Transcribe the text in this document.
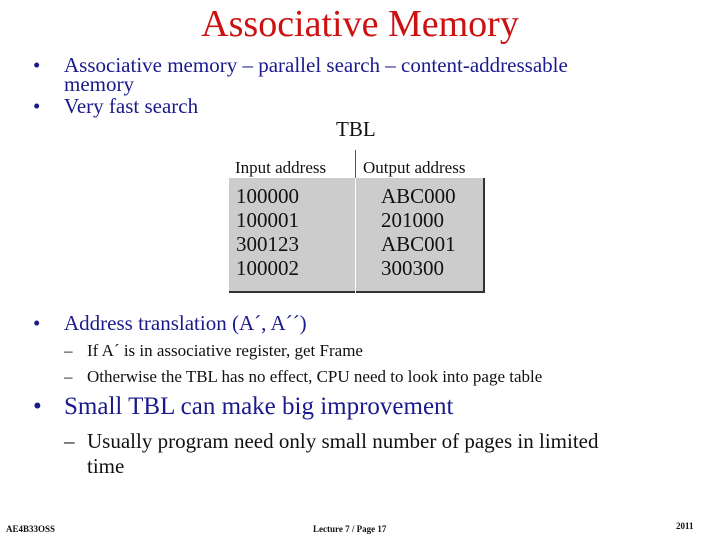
Associative Memory
• Associative memory – parallel search – content-addressable
memory
• Very fast search
TBL
Input address Output address
100000
100001
300123
100002
ABC000
201000
ABC001
300300
• Address translation (A´, A´´)
– If A´ is in associative register, get Frame
– Otherwise the TBL has no effect, CPU need to look into page table
• Small TBL can make big improvement
– Usually program need only small number of pages in limited
time
AE4B33OSS	Lecture 7 / Page 17	2011
